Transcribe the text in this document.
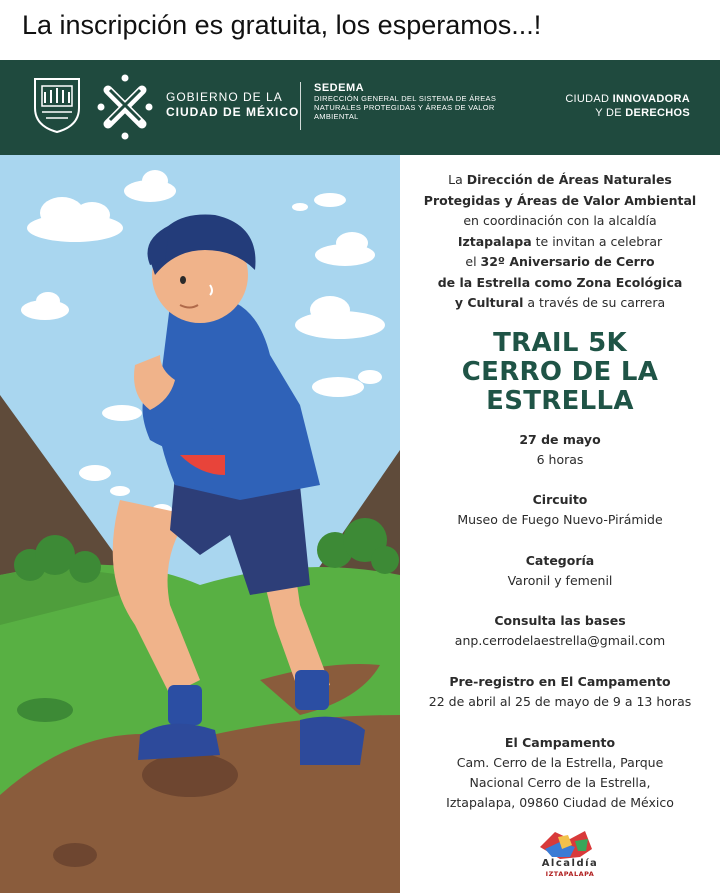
La inscripción es gratuita, los esperamos...!
GOBIERNO DE LA
CIUDAD DE MÉXICO
SEDEMA
DIRECCIÓN GENERAL DEL SISTEMA DE ÁREAS NATURALES PROTEGIDAS Y ÁREAS DE VALOR AMBIENTAL
CIUDAD INNOVADORA
Y DE DERECHOS
La Dirección de Áreas Naturales
Protegidas y Áreas de Valor Ambiental
en coordinación con la alcaldía
Iztapalapa te invitan a celebrar
el 32º Aniversario de Cerro
de la Estrella como Zona Ecológica
y Cultural a través de su carrera
TRAIL 5K
CERRO DE LA
ESTRELLA
27 de mayo
6 horas
Circuito
Museo de Fuego Nuevo-Pirámide
Categoría
Varonil y femenil
Consulta las bases
anp.cerrodelaestrella@gmail.com
Pre-registro en El Campamento
22 de abril al 25 de mayo de 9 a 13 horas
El Campamento
Cam. Cerro de la Estrella, Parque
Nacional Cerro de la Estrella,
Iztapalapa, 09860 Ciudad de México
Alcaldía
IZTAPALAPA
